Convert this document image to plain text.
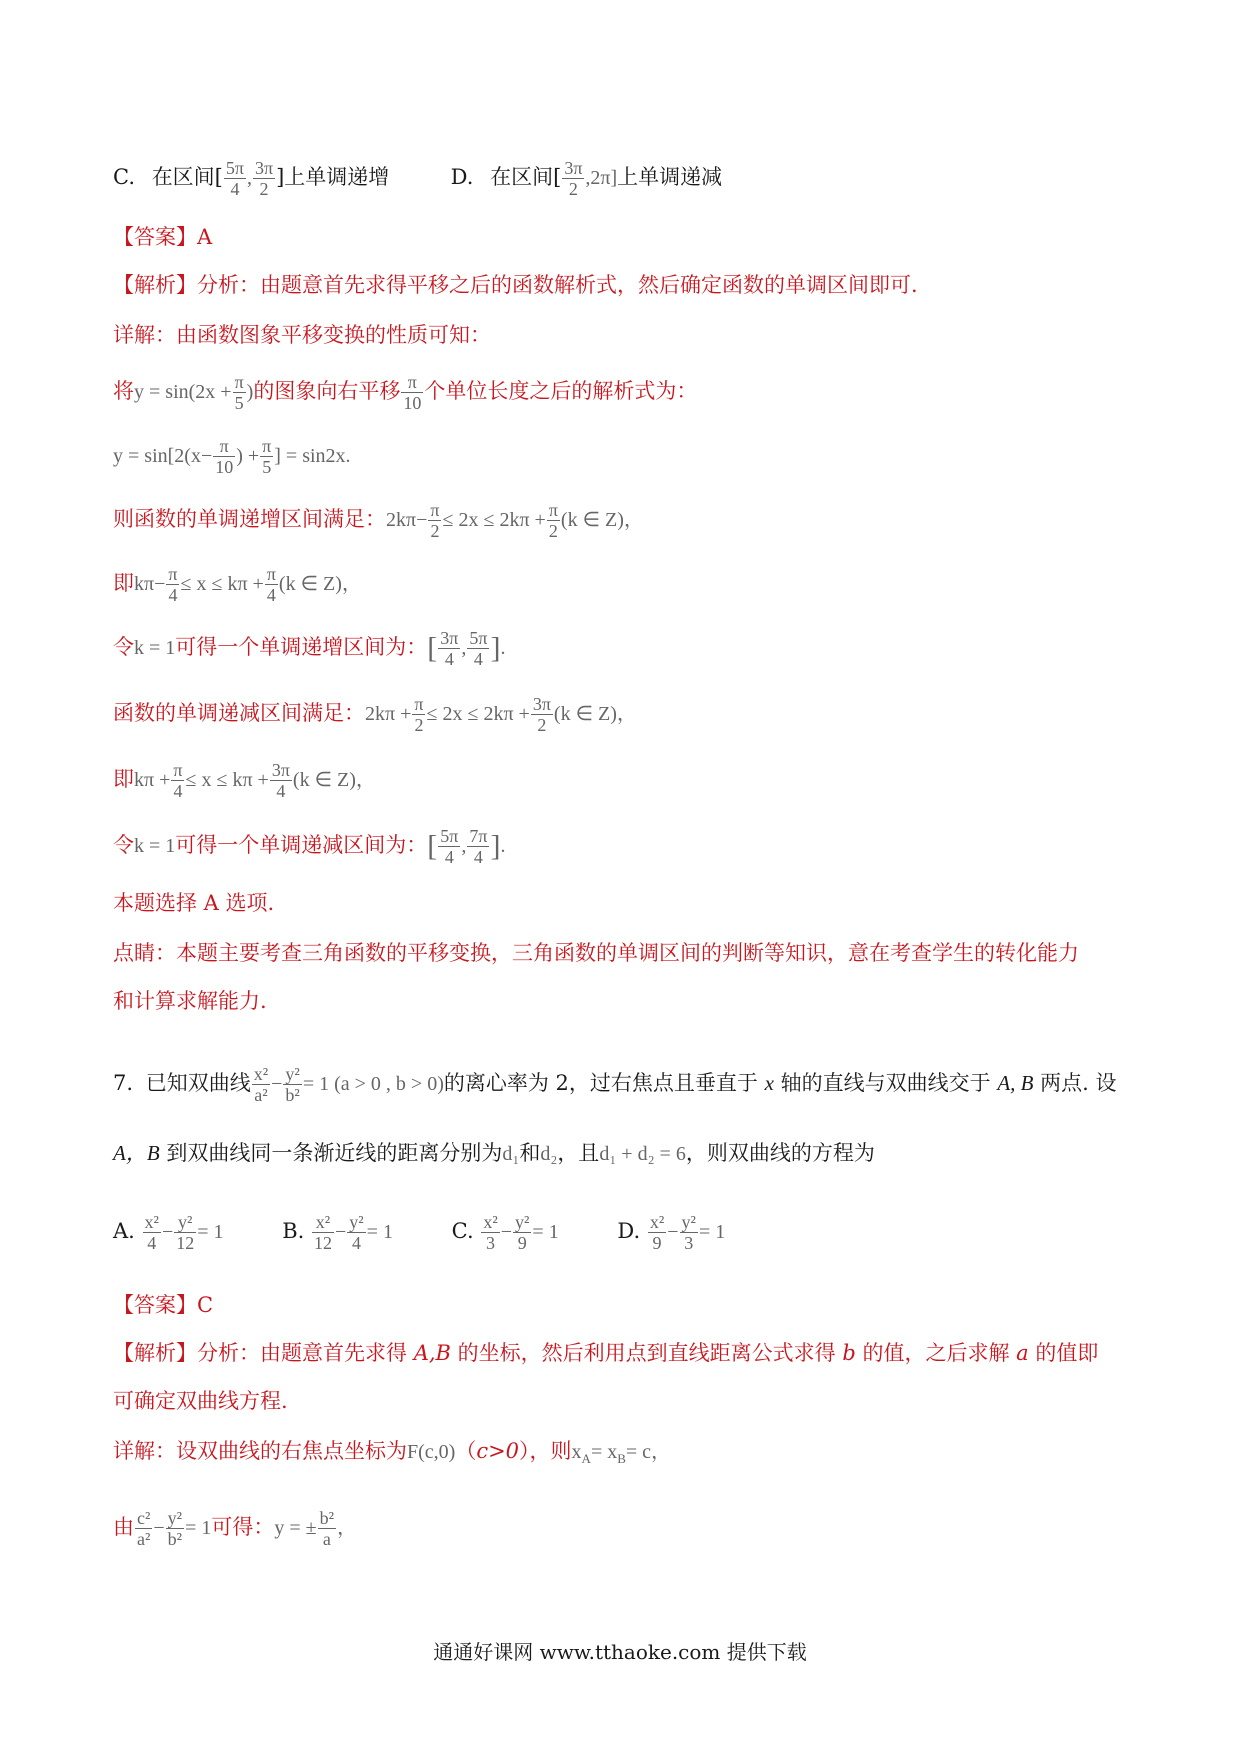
C. 在区间[ $\frac{5\pi}{4}$ , $\frac{3\pi}{2}$ ]上单调递增	D. 在区间[ $\frac{3\pi}{2} ,2\pi$]上单调递减
【答案】A
【解析】分析：由题意首先求得平移之后的函数解析式，然后确定函数的单调区间即可.
详解：由函数图象平移变换的性质可知：
将$y = \sin(2x + \frac{\pi}{5}$ )的图象向右平移 $\frac{\pi}{10}$ 个单位长度之后的解析式为：
$y = \sin[2(x- \frac{\pi}{10}$ ) + $\frac{\pi}{5}$ ] = sin2x.
则函数的单调递增区间满足：$2k\pi- \frac{\pi}{2} \le 2x \le 2k\pi + \frac{\pi}{2} (k$ ∈ Z)，
即$k\pi- \frac{\pi}{4} \le x \le k\pi + \frac{\pi}{4} (k$ ∈ Z)，
令k = 1可得一个单调递增区间为：[ $\frac{3\pi}{4}$ , $\frac{5\pi}{4}$ ].
函数的单调递减区间满足：$2k\pi + \frac{\pi}{2} \le 2x \le 2k\pi + \frac{3\pi}{2} (k$ ∈ Z)，
即$k\pi + \frac{\pi}{4} \le x \le k\pi + \frac{3\pi}{4} (k$ ∈ Z)，
令k = 1可得一个单调递减区间为：[ $\frac{5\pi}{4}$ , $\frac{7\pi}{4}$ ].
本题选择 A 选项.
点睛：本题主要考查三角函数的平移变换，三角函数的单调区间的判断等知识，意在考查学生的转化能力
和计算求解能力.
7. 已知双曲线 $\frac{\text{x²}}{\text{a²}} - \frac{\text{y²}}{\text{b²}} = 1$ (a > 0 , b > 0)的离心率为 2，过右焦点且垂直于 x 轴的直线与双曲线交于 A, B 两点. 设
A，B 到双曲线同一条渐近线的距离分别为d₁和d₂，且d₁ + d₂ = 6，则双曲线的方程为
A. $\frac{\text{x²}}{4} - \frac{\text{y²}}{12} = 1$	B. $\frac{\text{x²}}{12} - \frac{\text{y²}}{4} = 1$	C. $\frac{\text{x²}}{3} - \frac{\text{y²}}{9} = 1$	D. $\frac{\text{x²}}{9} - \frac{\text{y²}}{3} = 1$
【答案】C
【解析】分析：由题意首先求得 A,B 的坐标，然后利用点到直线距离公式求得 b 的值，之后求解 a 的值即
可确定双曲线方程.
详解：设双曲线的右焦点坐标为F(c,0)（c>0），则$x_A= x_B= c$，
由 $\frac{\text{c²}}{\text{a²}} - \frac{\text{y²}}{\text{b²}} = 1$可得：y = ± $\frac{\text{b²}}{a}$ ，
通通好课网 www.tthaoke.com 提供下载
